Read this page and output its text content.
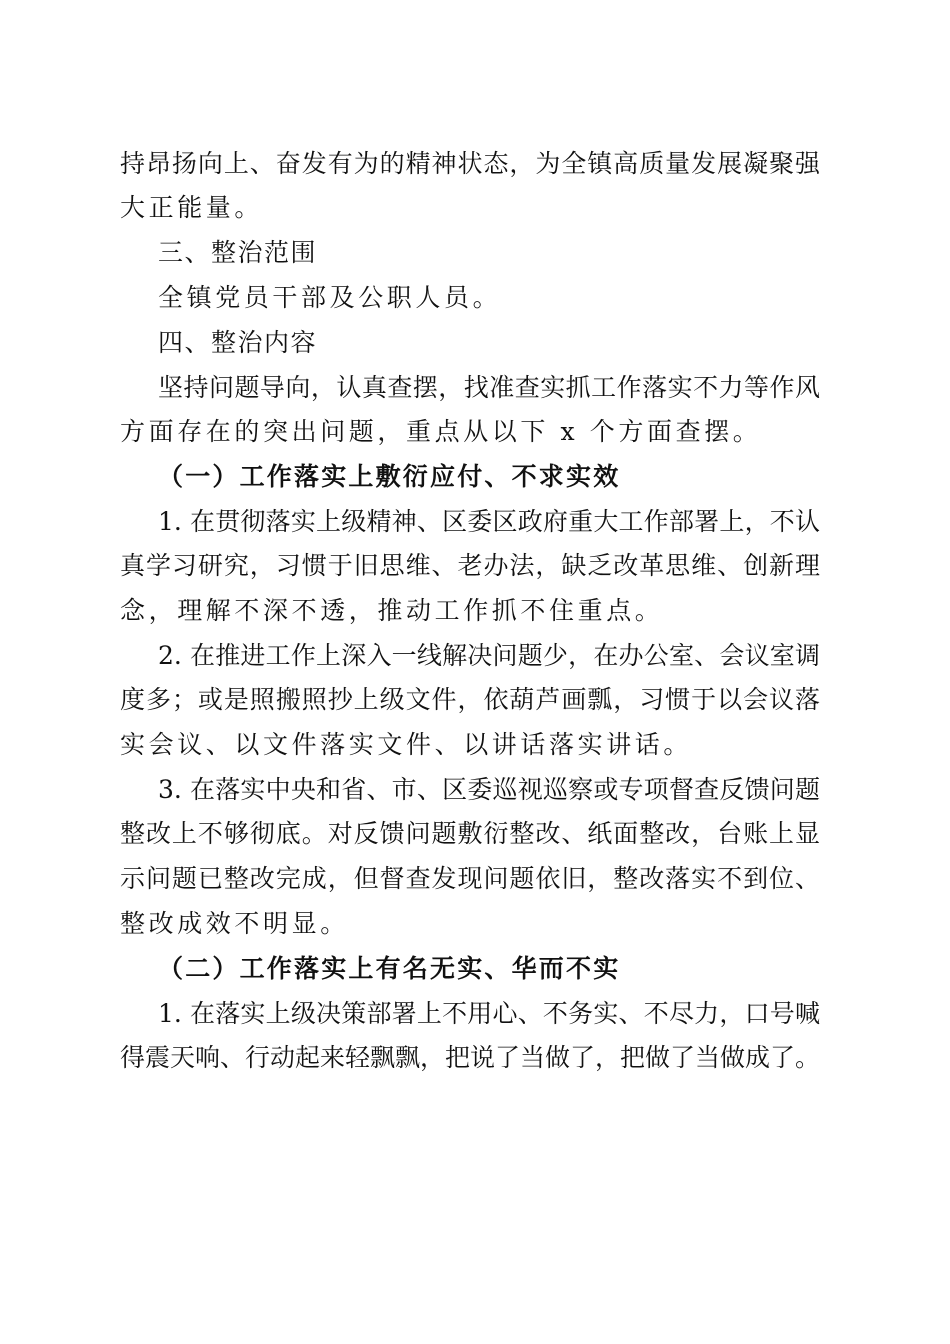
持昂扬向上、奋发有为的精神状态，为全镇高质量发展凝聚强
大正能量。
三、整治范围
全镇党员干部及公职人员。
四、整治内容
坚持问题导向，认真查摆，找准查实抓工作落实不力等作风
方面存在的突出问题，重点从以下 x 个方面查摆。
（一）工作落实上敷衍应付、不求实效
1. 在贯彻落实上级精神、区委区政府重大工作部署上，不认
真学习研究，习惯于旧思维、老办法，缺乏改革思维、创新理
念，理解不深不透，推动工作抓不住重点。
2. 在推进工作上深入一线解决问题少，在办公室、会议室调
度多；或是照搬照抄上级文件，依葫芦画瓢，习惯于以会议落
实会议、以文件落实文件、以讲话落实讲话。
3. 在落实中央和省、市、区委巡视巡察或专项督查反馈问题
整改上不够彻底。对反馈问题敷衍整改、纸面整改，台账上显
示问题已整改完成，但督查发现问题依旧，整改落实不到位、
整改成效不明显。
（二）工作落实上有名无实、华而不实
1. 在落实上级决策部署上不用心、不务实、不尽力，口号喊
得震天响、行动起来轻飘飘，把说了当做了，把做了当做成了。
